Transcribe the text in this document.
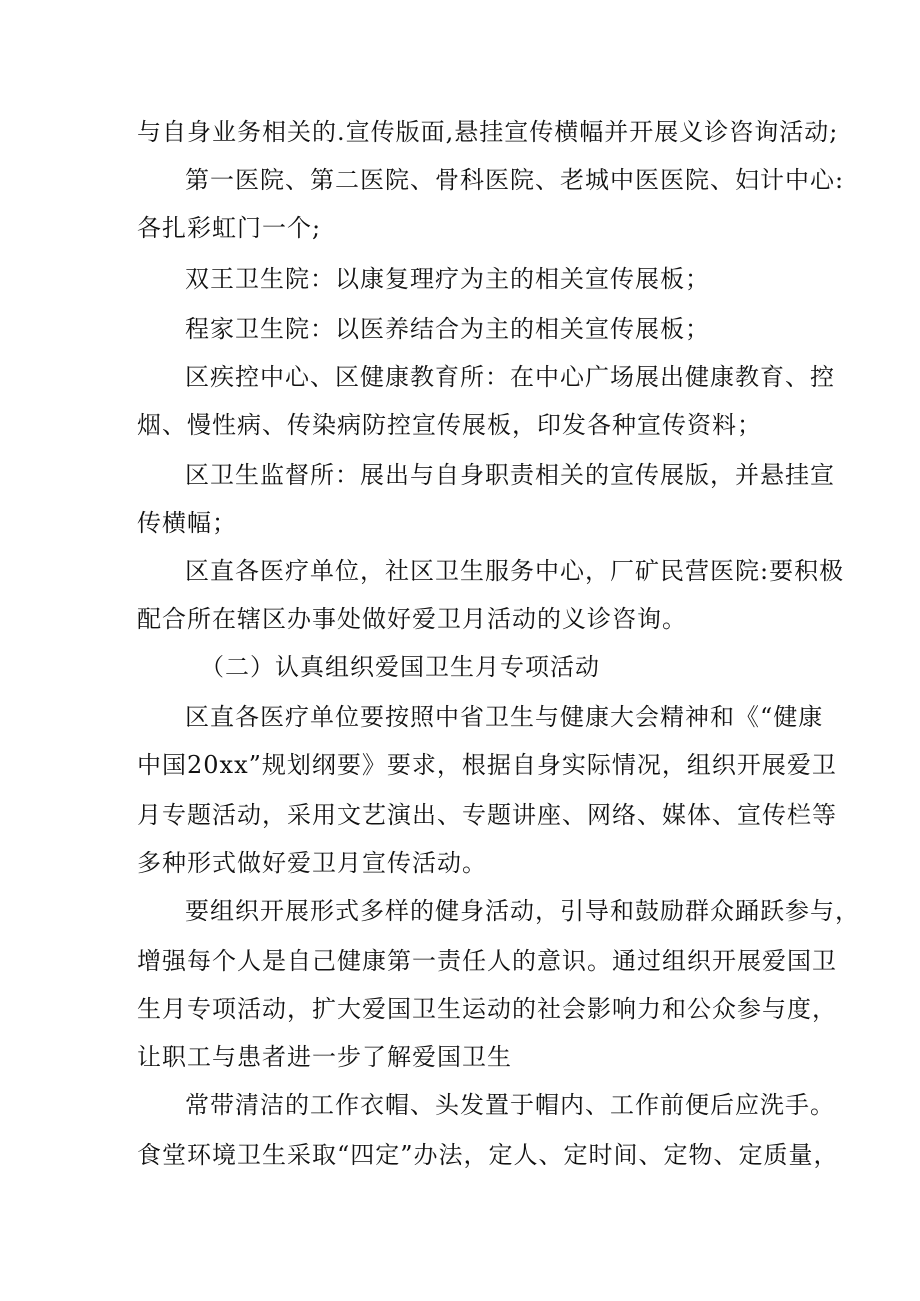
与自身业务相关的.宣传版面,悬挂宣传横幅并开展义诊咨询活动;
第一医院、第二医院、骨科医院、老城中医医院、妇计中心:
各扎彩虹门一个;
双王卫生院：以康复理疗为主的相关宣传展板；
程家卫生院：以医养结合为主的相关宣传展板；
区疾控中心、区健康教育所：在中心广场展出健康教育、控
烟、慢性病、传染病防控宣传展板，印发各种宣传资料；
区卫生监督所：展出与自身职责相关的宣传展版，并悬挂宣
传横幅；
区直各医疗单位，社区卫生服务中心，厂矿民营医院:要积极
配合所在辖区办事处做好爱卫月活动的义诊咨询。
（二）认真组织爱国卫生月专项活动
区直各医疗单位要按照中省卫生与健康大会精神和《“健康
中国20xx”规划纲要》要求，根据自身实际情况，组织开展爱卫
月专题活动，采用文艺演出、专题讲座、网络、媒体、宣传栏等
多种形式做好爱卫月宣传活动。
要组织开展形式多样的健身活动，引导和鼓励群众踊跃参与，
增强每个人是自己健康第一责任人的意识。通过组织开展爱国卫
生月专项活动，扩大爱国卫生运动的社会影响力和公众参与度，
让职工与患者进一步了解爱国卫生
常带清洁的工作衣帽、头发置于帽内、工作前便后应洗手。
食堂环境卫生采取“四定”办法，定人、定时间、定物、定质量，
